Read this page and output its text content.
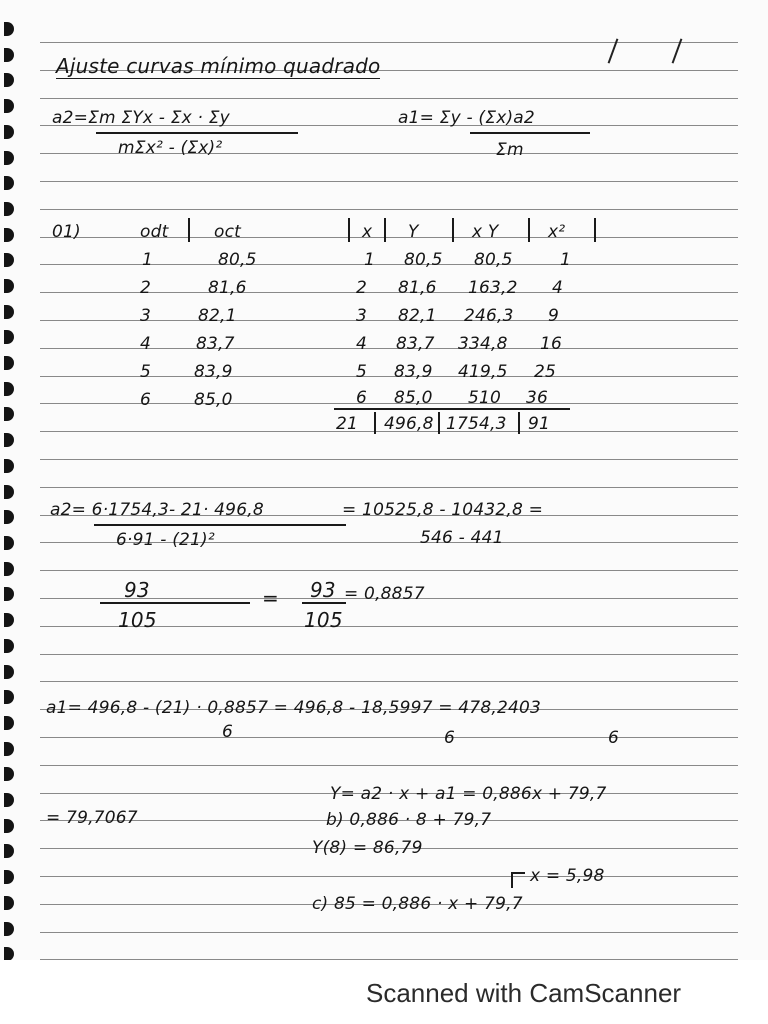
Ajuste curvas mínimo quadrado
a2=Σm ΣYx - Σx · Σy
mΣx² - (Σx)²
a1= Σy - (Σx)a2
Σm
01)	odt	oct
1	80,5
2	81,6
3	82,1
4	83,7
5	83,9
6	85,0
x Y	x Y	x²
1 80,5 80,5	1
2 81,6 163,2 4
3 82,1 246,3 9
4 83,7 334,8 16
5 83,9 419,5 25
6 85,0 510 36
21 496,8 1754,3 91
a2= 6·1754,3- 21· 496,8	= 10525,8 - 10432,8 =
6·91 - (21)²	546 - 441
93
105
= 93
105
= 0,8857
a1= 496,8 - (21) · 0,8857 = 496,8 - 18,5997 = 478,2403
6	6	6
Y= a2 · x + a1 = 0,886x + 79,7
= 79,7067	b) 0,886 · 8 + 79,7
Y(8) = 86,79
x = 5,98
c) 85 = 0,886 · x + 79,7
Scanned with CamScanner
